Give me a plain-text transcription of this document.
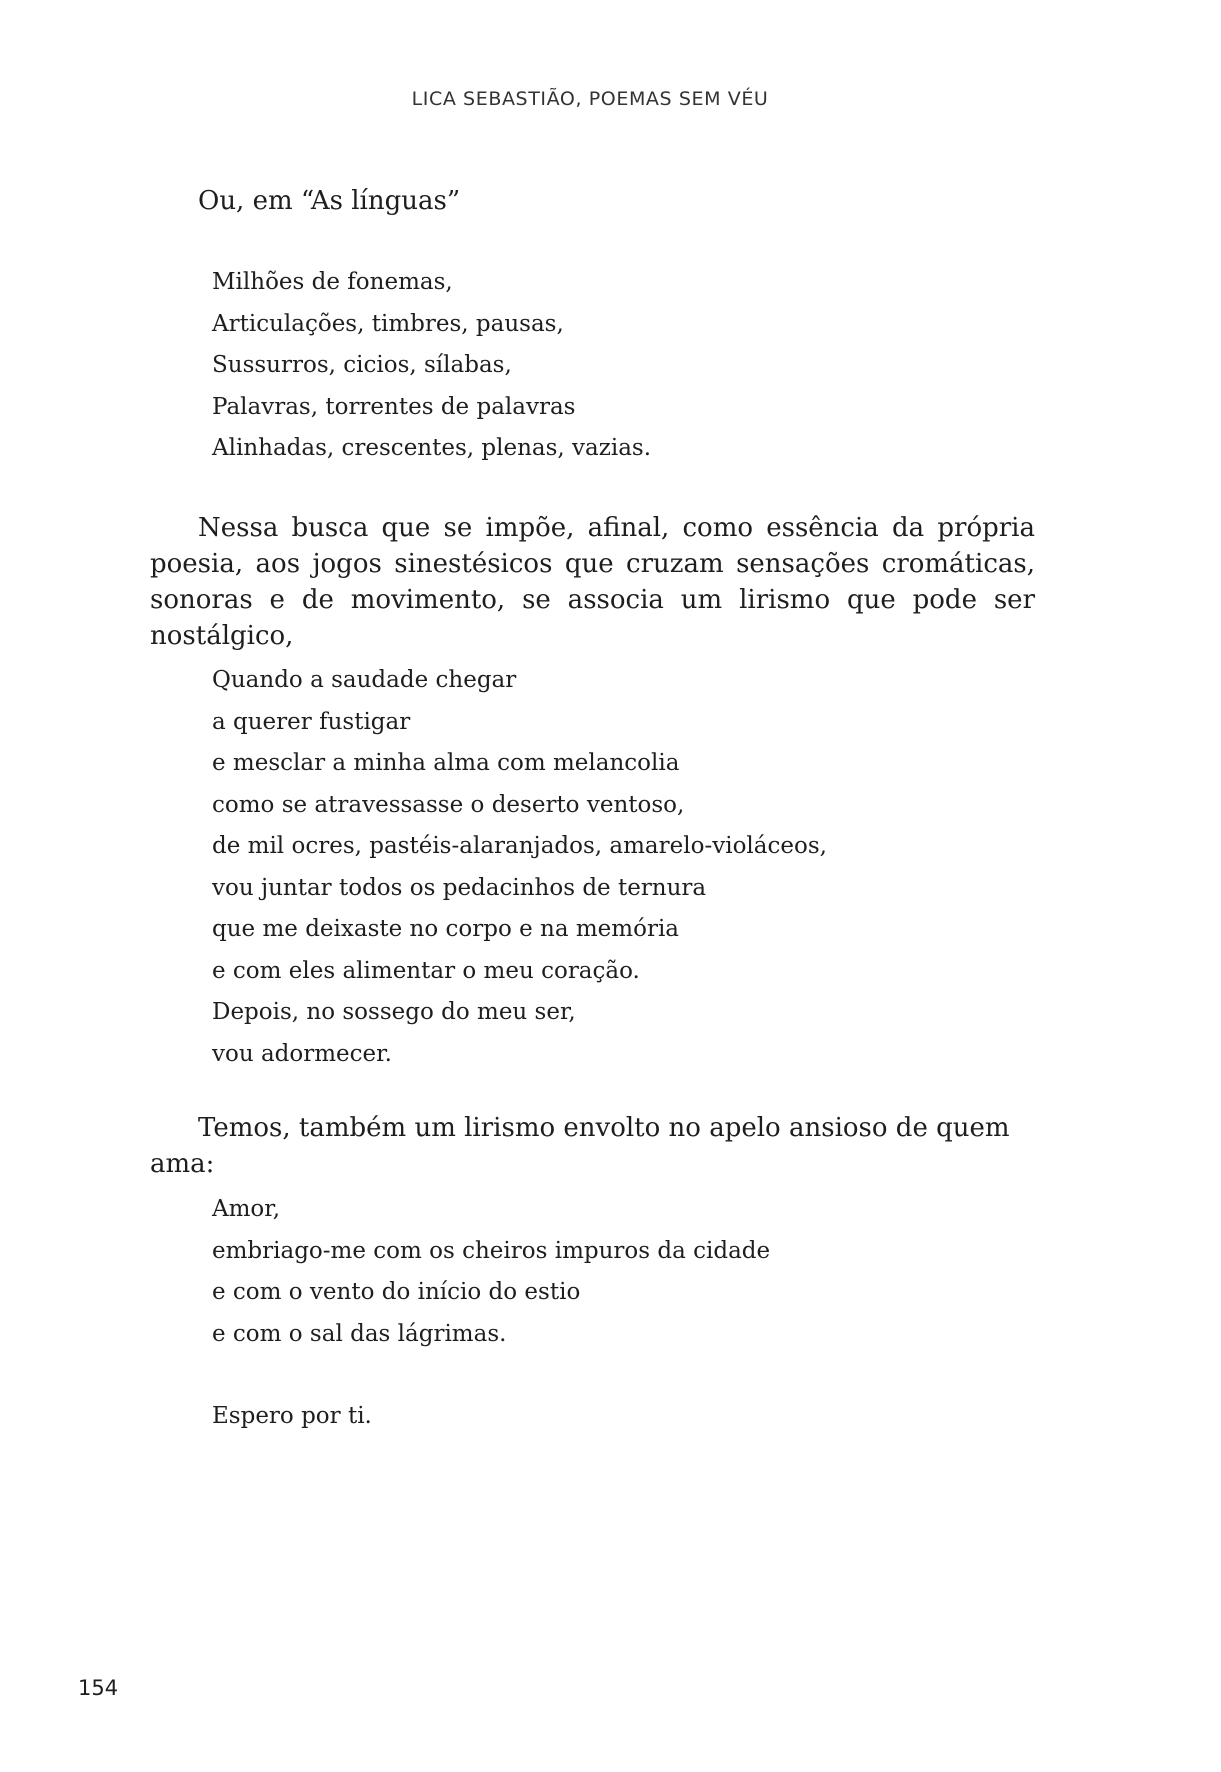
LICA SEBASTIÃO, POEMAS SEM VÉU

Ou, em “As línguas”

Milhões de fonemas,
Articulações, timbres, pausas,
Sussurros, cicios, sílabas,
Palavras, torrentes de palavras
Alinhadas, crescentes, plenas, vazias.

Nessa busca que se impõe, afinal, como essência da própria poesia, aos jogos sinestésicos que cruzam sensações cromáticas, sonoras e de movimento, se associa um lirismo que pode ser nostálgico,

Quando a saudade chegar
a querer fustigar
e mesclar a minha alma com melancolia
como se atravessasse o deserto ventoso,
de mil ocres, pastéis-alaranjados, amarelo-violáceos,
vou juntar todos os pedacinhos de ternura
que me deixaste no corpo e na memória
e com eles alimentar o meu coração.
Depois, no sossego do meu ser,
vou adormecer.

Temos, também um lirismo envolto no apelo ansioso de quem ama:

Amor,
embriago-me com os cheiros impuros da cidade
e com o vento do início do estio
e com o sal das lágrimas.
Espero por ti.
154
